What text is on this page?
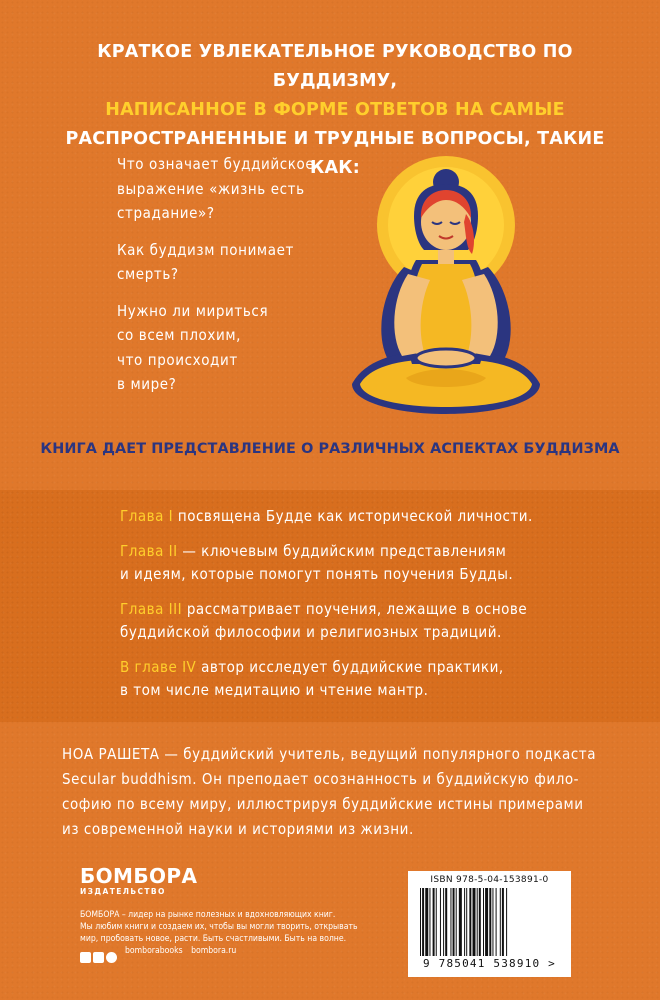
КРАТКОЕ УВЛЕКАТЕЛЬНОЕ РУКОВОДСТВО ПО БУДДИЗМУ,
НАПИСАННОЕ В ФОРМЕ ОТВЕТОВ НА САМЫЕ
РАСПРОСТРАНЕННЫЕ И ТРУДНЫЕ ВОПРОСЫ, ТАКИЕ КАК:
Что означает буддийское
выражение «жизнь есть
страдание»?
Как буддизм понимает
смерть?
Нужно ли мириться
со всем плохим,
что происходит
в мире?
КНИГА ДАЕТ ПРЕДСТАВЛЕНИЕ О РАЗЛИЧНЫХ АСПЕКТАХ БУДДИЗМА
Глава I посвящена Будде как исторической личности.
Глава II — ключевым буддийским представлениям
и идеям, которые помогут понять поучения Будды.
Глава III рассматривает поучения, лежащие в основе
буддийской философии и религиозных традиций.
В главе IV автор исследует буддийские практики,
в том числе медитацию и чтение мантр.
НОА РАШЕТА — буддийский учитель, ведущий популярного подкаста
Secular buddhism. Он преподает осознанность и буддийскую фило-
софию по всему миру, иллюстрируя буддийские истины примерами
из современной науки и историями из жизни.
БОМБОРА
ИЗДАТЕЛЬСТВО
БОМБОРА – лидер на рынке полезных и вдохновляющих книг.
Мы любим книги и создаем их, чтобы вы могли творить, открывать
мир, пробовать новое, расти. Быть счастливыми. Быть на волне.
bomborabooks bombora.ru
ISBN 978-5-04-153891-0
9 785041 538910 >
